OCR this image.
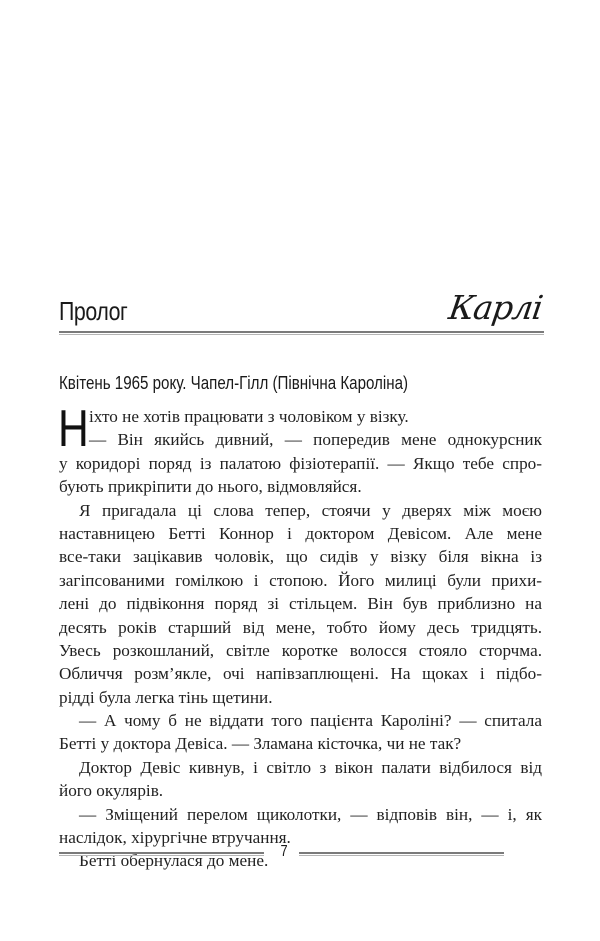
Пролог	Карлі
Квітень 1965 року. Чапел-Гілл (Північна Кароліна)
Н іхто не хотів працювати з чоловіком у візку.
— Він якийсь дивний, — попередив мене однокурсник
у коридорі поряд із палатою фізіотерапії. — Якщо тебе спро-
бують прикріпити до нього, відмовляйся.
Я пригадала ці слова тепер, стоячи у дверях між моєю
наставницею Бетті Коннор і доктором Девісом. Але мене
все-таки зацікавив чоловік, що сидів у візку біля вікна із
загіпсованими гомілкою і стопою. Його милиці були прихи-
лені до підвіконня поряд зі стільцем. Він був приблизно на
десять років старший від мене, тобто йому десь тридцять.
Увесь розкошланий, світле коротке волосся стояло сторчма.
Обличчя розм’якле, очі напівзаплющені. На щоках і підбо-
рідді була легка тінь щетини.
— А чому б не віддати того пацієнта Кароліні? — спитала
Бетті у доктора Девіса. — Зламана кісточка, чи не так?
Доктор Девіс кивнув, і світло з вікон палати відбилося від
його окулярів.
— Зміщений перелом щиколотки, — відповів він, — і, як
наслідок, хірургічне втручання.
Бетті обернулася до мене. 7
